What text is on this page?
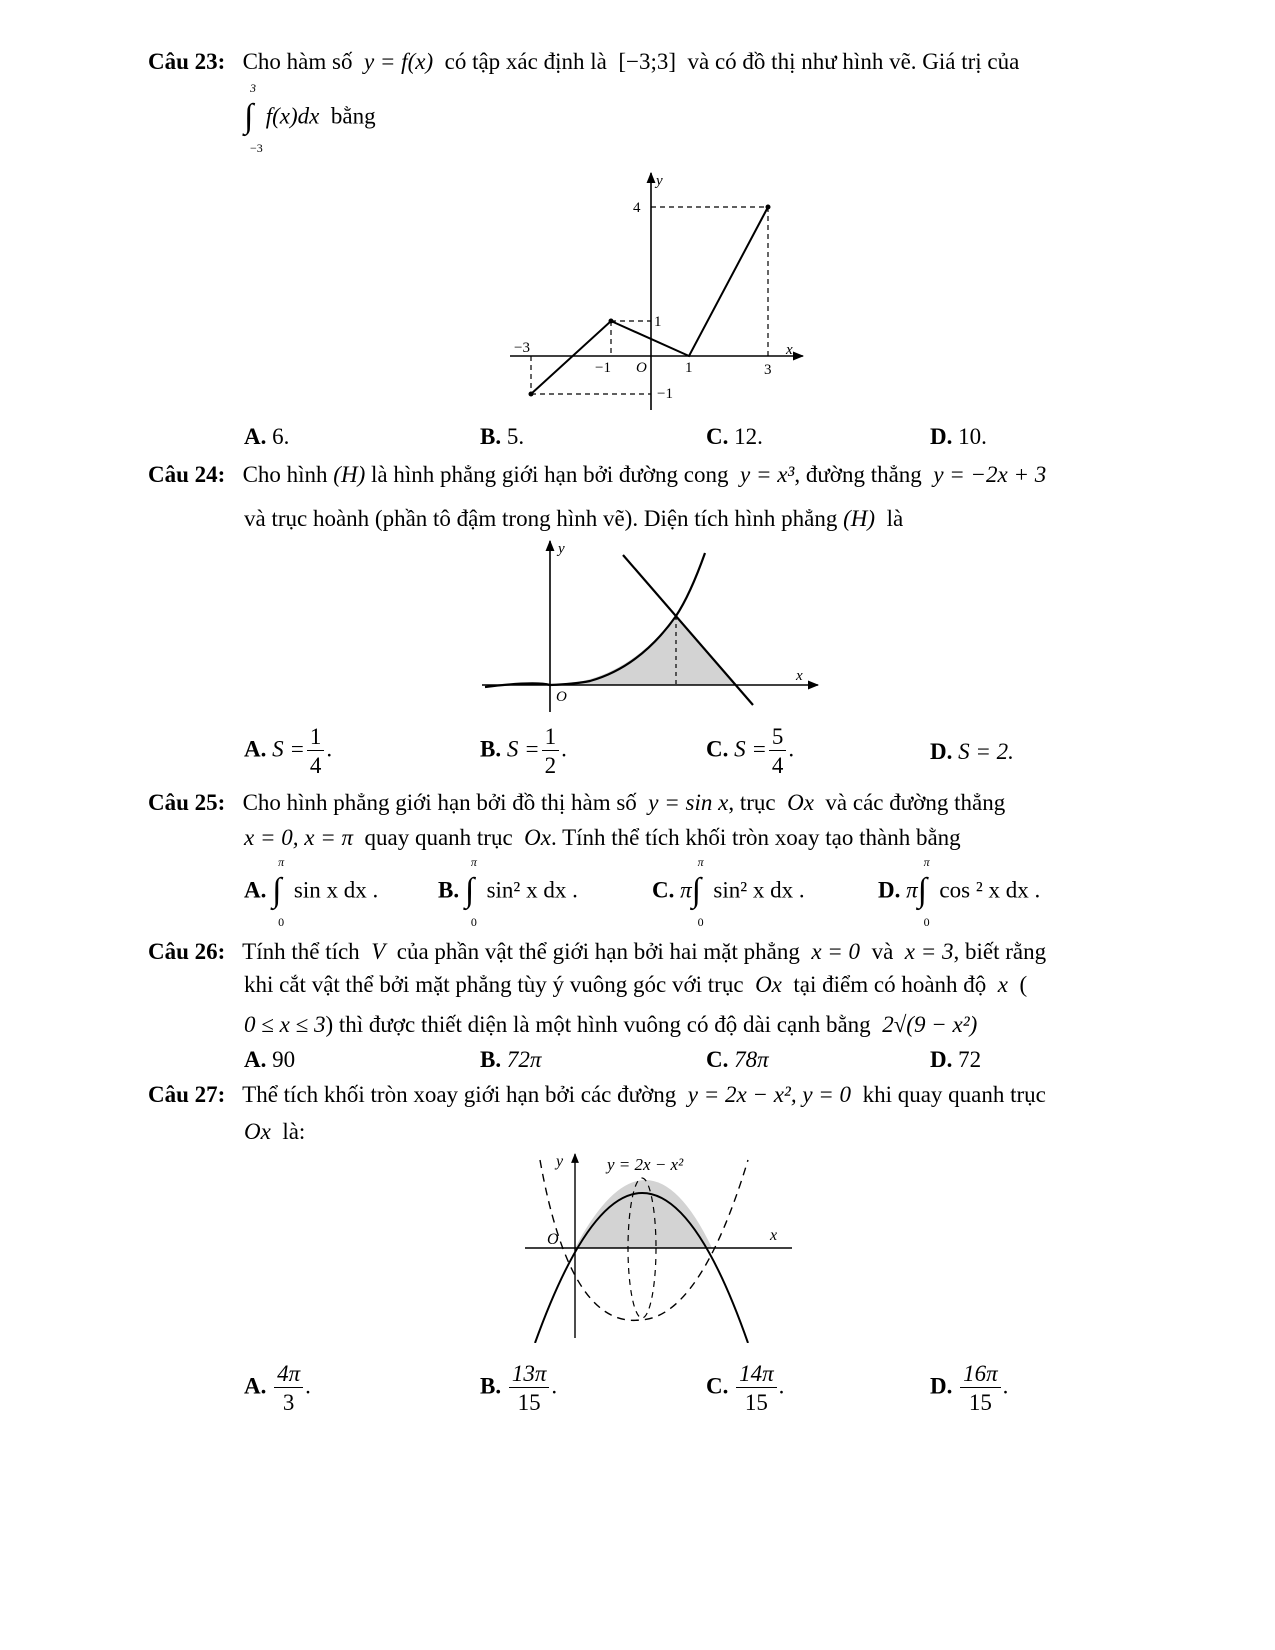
Câu 23: Cho hàm số y = f(x) có tập xác định là [−3;3] và có đồ thị như hình vẽ. Giá trị của
∫
3
−3
f(x)dx bằng
y
x
4
1
−3
−1	1	3
−1
O
A. 6.	B. 5.	C. 12.	D. 10.
Câu 24: Cho hình (H) là hình phẳng giới hạn bởi đường cong y = x³, đường thẳng y = −2x + 3
và trục hoành (phần tô đậm trong hình vẽ). Diện tích hình phẳng (H) là
y
x
O
A. $S = \frac{1}{4}$ .	B. $S = \frac{1}{2}$ .	C. $S = \frac{5}{4}$ .	D. S = 2.
Câu 25: Cho hình phẳng giới hạn bởi đồ thị hàm số y = sin x, trục Ox và các đường thẳng
x = 0, x = π quay quanh trục Ox. Tính thể tích khối tròn xoay tạo thành bằng
A. ∫
π
0
sin x dx .	B. ∫
π
0
sin² x dx .	C. π ∫
π
0
sin² x dx .	D. π ∫
π
0
cos ² x dx .
Câu 26: Tính thể tích V của phần vật thể giới hạn bởi hai mặt phẳng x = 0 và x = 3, biết rằng
khi cắt vật thể bởi mặt phẳng tùy ý vuông góc với trục Ox tại điểm có hoành độ x (
0 ≤ x ≤ 3) thì được thiết diện là một hình vuông có độ dài cạnh bằng 2√(9 − x²)
A. 90	B. 72π	C. 78π	D. 72
Câu 27: Thể tích khối tròn xoay giới hạn bởi các đường y = 2x − x², y = 0 khi quay quanh trục
Ox là:
y
x
O
y = 2x − x²
A. $\frac{4\pi}{3}$ .	B. $\frac{13\pi}{15}$ .	C. $\frac{14\pi}{15}$ .	D. $\frac{16\pi}{15}$ .
